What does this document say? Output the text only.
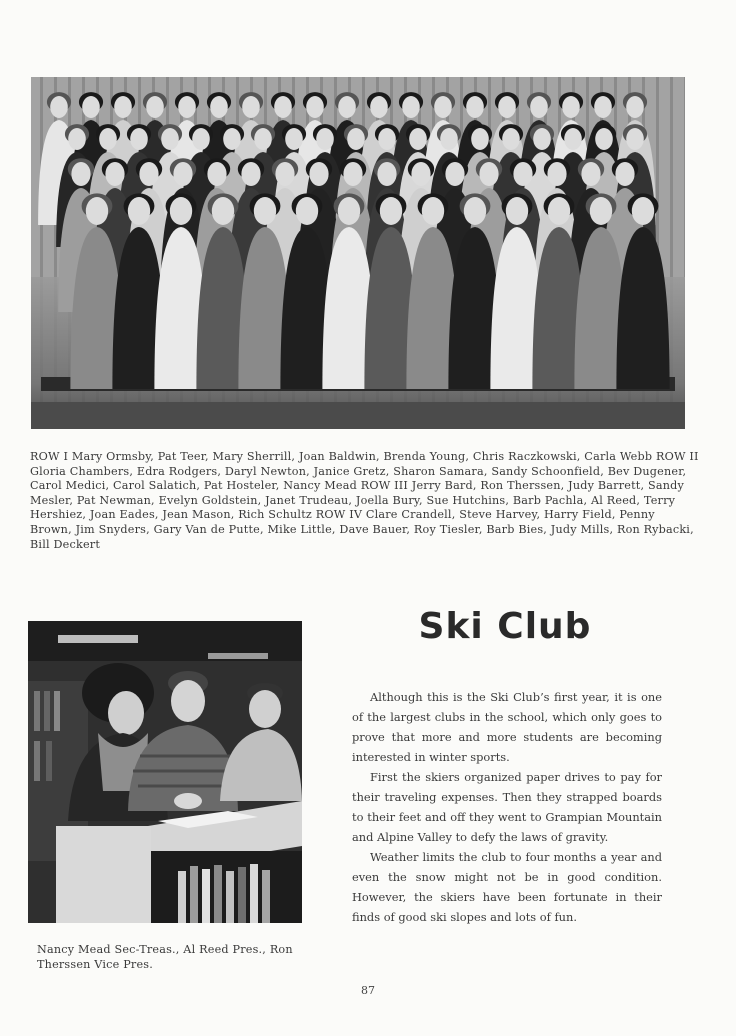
ROW I Mary Ormsby, Pat Teer, Mary Sherrill, Joan Baldwin, Brenda Young, Chris Raczkowski, Carla Webb ROW II Gloria Chambers, Edra Rodgers, Daryl Newton, Janice Gretz, Sharon Samara, Sandy Schoonfield, Bev Dugener, Carol Medici, Carol Salatich, Pat Hosteler, Nancy Mead ROW III Jerry Bard, Ron Therssen, Judy Barrett, Sandy Mesler, Pat Newman, Evelyn Goldstein, Janet Trudeau, Joella Bury, Sue Hutchins, Barb Pachla, Al Reed, Terry Hershiez, Joan Eades, Jean Mason, Rich Schultz ROW IV Clare Crandell, Steve Harvey, Harry Field, Penny Brown, Jim Snyders, Gary Van de Putte, Mike Little, Dave Bauer, Roy Tiesler, Barb Bies, Judy Mills, Ron Rybacki, Bill Deckert
Ski Club

Although this is the Ski Club’s first year, it is one of the largest clubs in the school, which only goes to prove that more and more students are becoming interested in winter sports.

First the skiers organized paper drives to pay for their traveling expenses. Then they strapped boards to their feet and off they went to Grampian Mountain and Alpine Valley to defy the laws of gravity.

Weather limits the club to four months a year and even the snow might not be in good condition. However, the skiers have been fortunate in their finds of good ski slopes and lots of fun.

Nancy Mead Sec-Treas., Al Reed Pres., Ron Therssen Vice Pres.
87
